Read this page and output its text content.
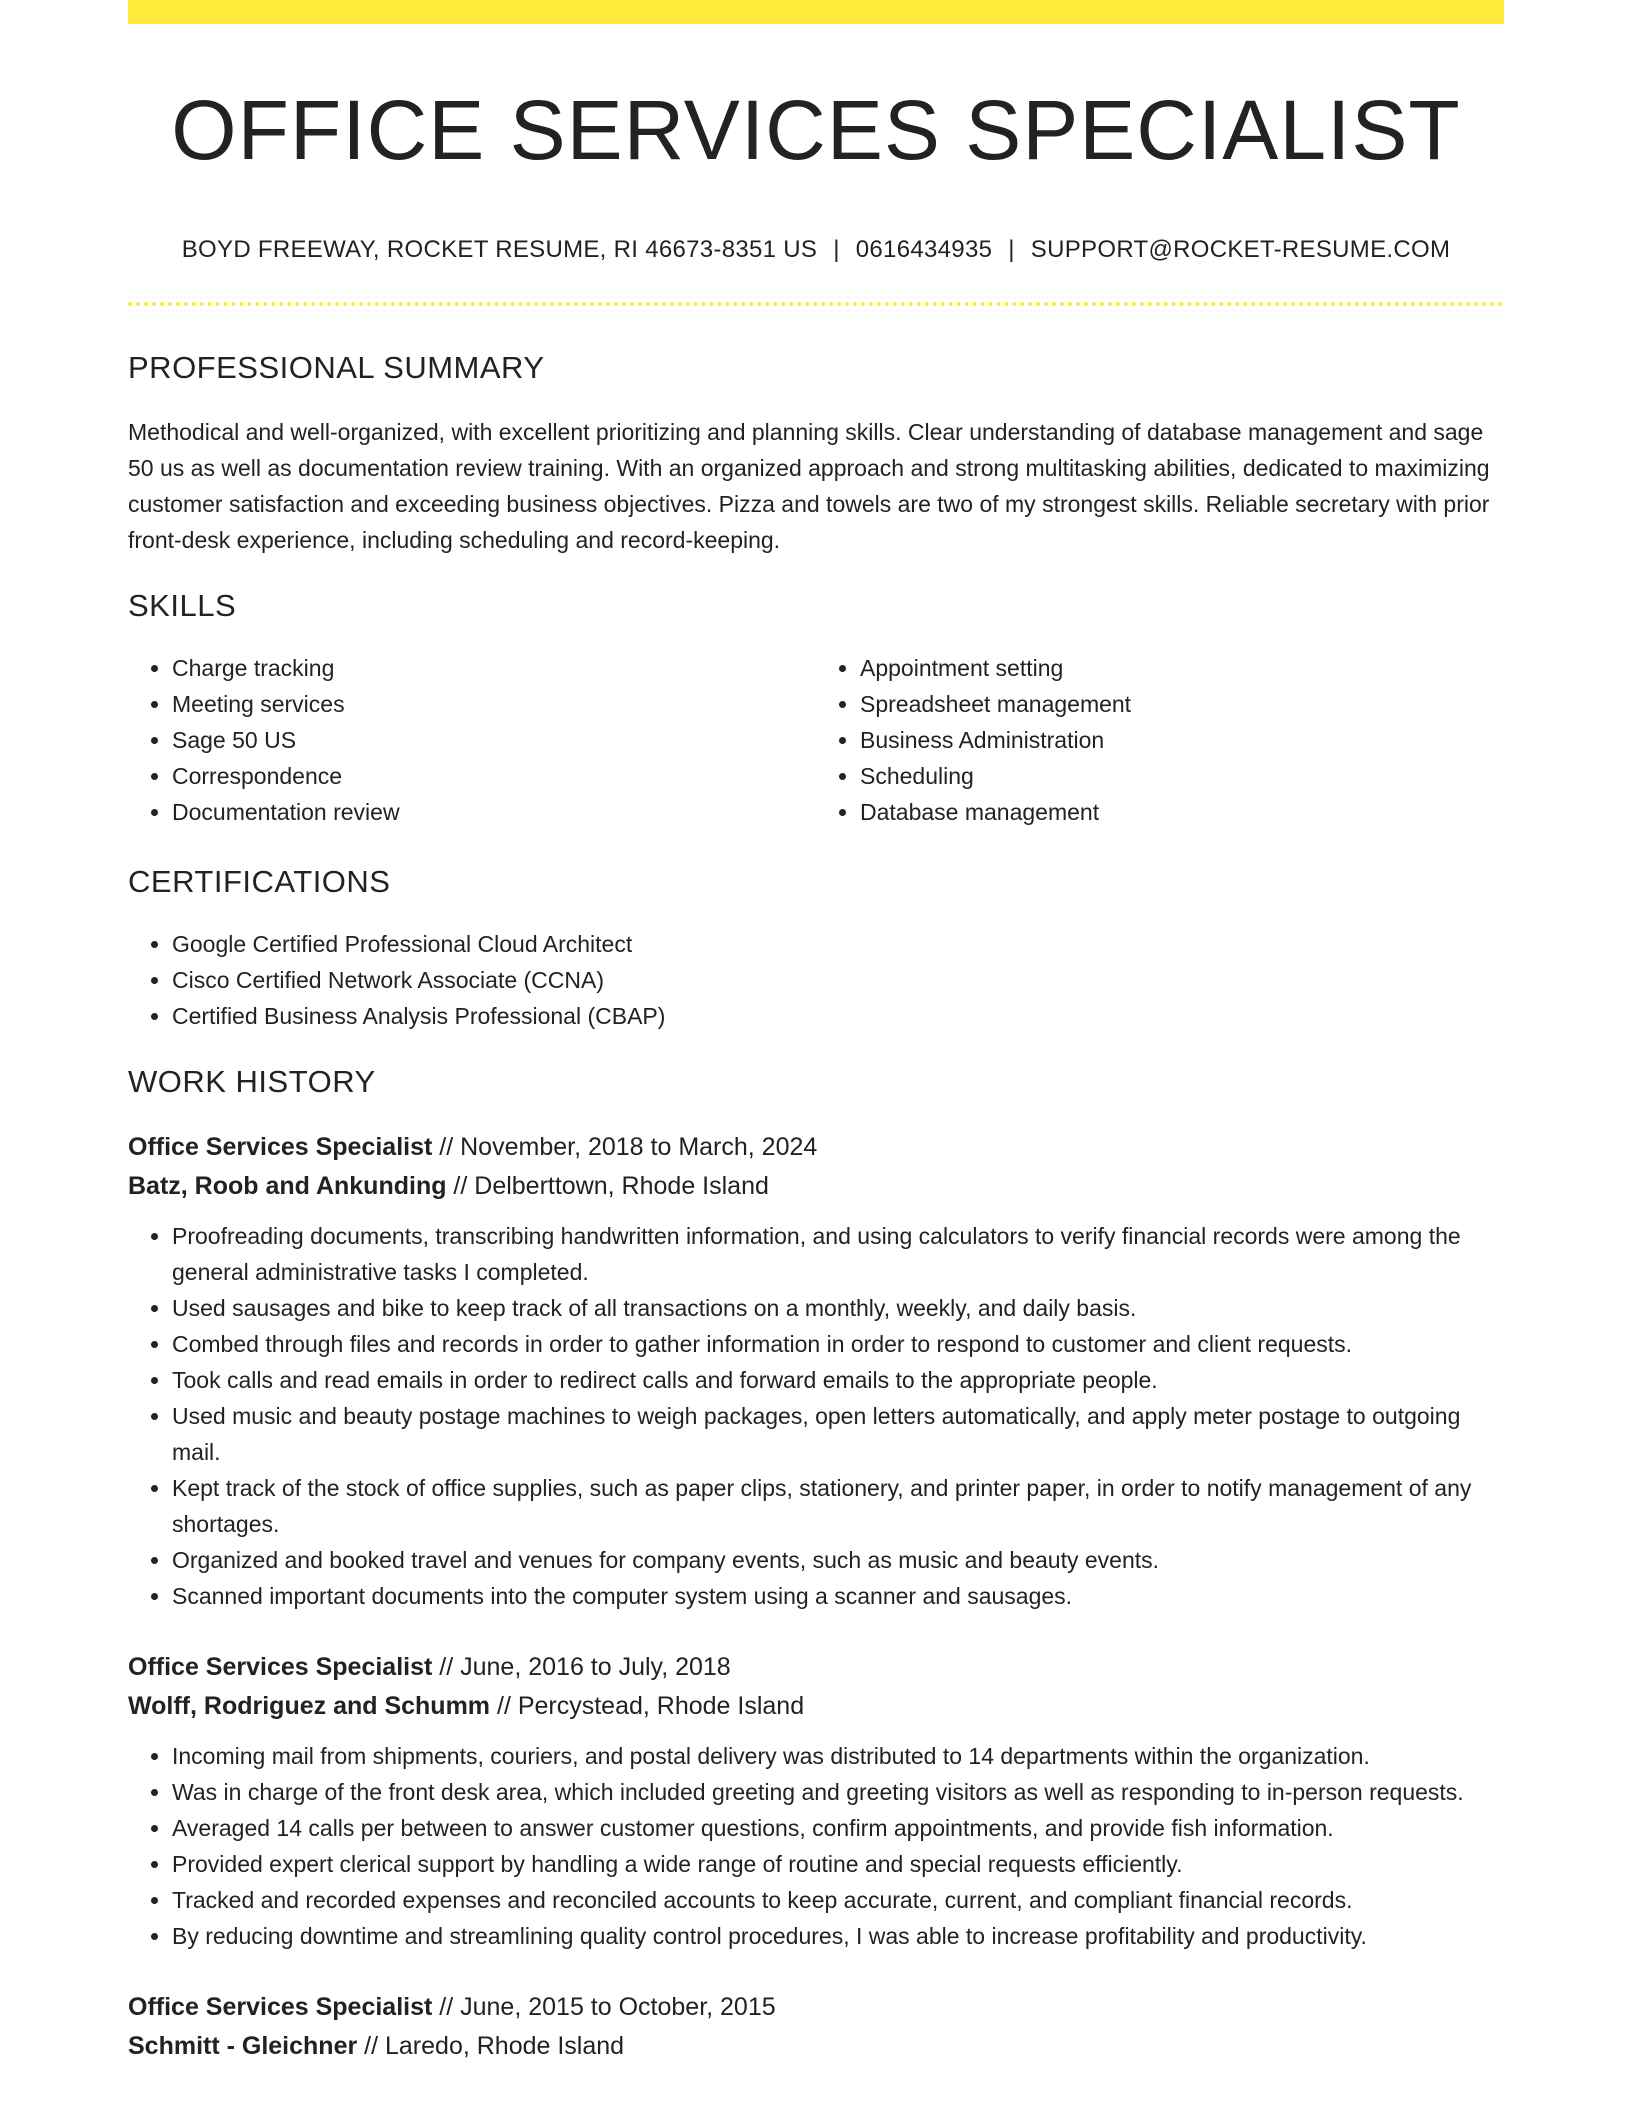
OFFICE SERVICES SPECIALIST
BOYD FREEWAY, ROCKET RESUME, RI 46673-8351 US | 0616434935 | SUPPORT@ROCKET-RESUME.COM
PROFESSIONAL SUMMARY
Methodical and well-organized, with excellent prioritizing and planning skills. Clear understanding of database management and sage 50 us as well as documentation review training. With an organized approach and strong multitasking abilities, dedicated to maximizing customer satisfaction and exceeding business objectives. Pizza and towels are two of my strongest skills. Reliable secretary with prior front-desk experience, including scheduling and record-keeping.
SKILLS
• Charge tracking
• Meeting services
• Sage 50 US
• Correspondence
• Documentation review
• Appointment setting
• Spreadsheet management
• Business Administration
• Scheduling
• Database management
CERTIFICATIONS
• Google Certified Professional Cloud Architect
• Cisco Certified Network Associate (CCNA)
• Certified Business Analysis Professional (CBAP)
WORK HISTORY
Office Services Specialist // November, 2018 to March, 2024
Batz, Roob and Ankunding // Delberttown, Rhode Island
• Proofreading documents, transcribing handwritten information, and using calculators to verify financial records were among the general administrative tasks I completed.
• Used sausages and bike to keep track of all transactions on a monthly, weekly, and daily basis.
• Combed through files and records in order to gather information in order to respond to customer and client requests.
• Took calls and read emails in order to redirect calls and forward emails to the appropriate people.
• Used music and beauty postage machines to weigh packages, open letters automatically, and apply meter postage to outgoing mail.
• Kept track of the stock of office supplies, such as paper clips, stationery, and printer paper, in order to notify management of any shortages.
• Organized and booked travel and venues for company events, such as music and beauty events.
• Scanned important documents into the computer system using a scanner and sausages.
Office Services Specialist // June, 2016 to July, 2018
Wolff, Rodriguez and Schumm // Percystead, Rhode Island
• Incoming mail from shipments, couriers, and postal delivery was distributed to 14 departments within the organization.
• Was in charge of the front desk area, which included greeting and greeting visitors as well as responding to in-person requests.
• Averaged 14 calls per between to answer customer questions, confirm appointments, and provide fish information.
• Provided expert clerical support by handling a wide range of routine and special requests efficiently.
• Tracked and recorded expenses and reconciled accounts to keep accurate, current, and compliant financial records.
• By reducing downtime and streamlining quality control procedures, I was able to increase profitability and productivity.
Office Services Specialist // June, 2015 to October, 2015
Schmitt - Gleichner // Laredo, Rhode Island
